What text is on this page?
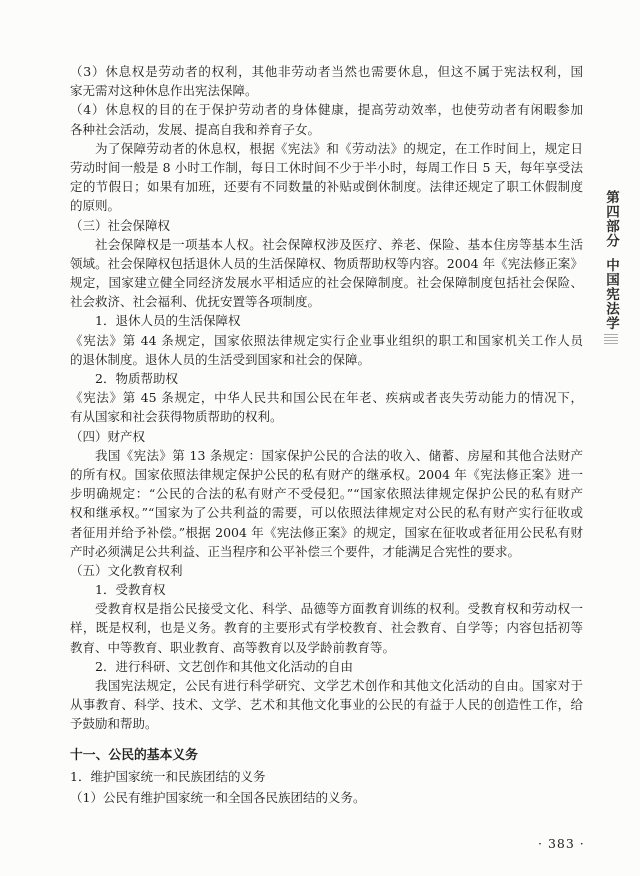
（3）休息权是劳动者的权利，其他非劳动者当然也需要休息，但这不属于宪法权利，国
家无需对这种休息作出宪法保障。
（4）休息权的目的在于保护劳动者的身体健康，提高劳动效率，也使劳动者有闲暇参加
各种社会活动，发展、提高自我和养育子女。
为了保障劳动者的休息权，根据《宪法》和《劳动法》的规定，在工作时间上，规定日
劳动时间一般是 8 小时工作制，每日工休时间不少于半小时，每周工作日 5 天，每年享受法
定的节假日；如果有加班，还要有不同数量的补贴或倒休制度。法律还规定了职工休假制度
的原则。
（三）社会保障权
社会保障权是一项基本人权。社会保障权涉及医疗、养老、保险、基本住房等基本生活
领域。社会保障权包括退休人员的生活保障权、物质帮助权等内容。2004 年《宪法修正案》
规定，国家建立健全同经济发展水平相适应的社会保障制度。社会保障制度包括社会保险、
社会救济、社会福利、优抚安置等各项制度。
1．退休人员的生活保障权
《宪法》第 44 条规定，国家依照法律规定实行企业事业组织的职工和国家机关工作人员
的退休制度。退休人员的生活受到国家和社会的保障。
2．物质帮助权
《宪法》第 45 条规定，中华人民共和国公民在年老、疾病或者丧失劳动能力的情况下，
有从国家和社会获得物质帮助的权利。
（四）财产权
我国《宪法》第 13 条规定：国家保护公民的合法的收入、储蓄、房屋和其他合法财产
的所有权。国家依照法律规定保护公民的私有财产的继承权。2004 年《宪法修正案》进一
步明确规定：“公民的合法的私有财产不受侵犯。”“国家依照法律规定保护公民的私有财产
权和继承权。”“国家为了公共利益的需要，可以依照法律规定对公民的私有财产实行征收或
者征用并给予补偿。”根据 2004 年《宪法修正案》的规定，国家在征收或者征用公民私有财
产时必须满足公共利益、正当程序和公平补偿三个要件，才能满足合宪性的要求。
（五）文化教育权利
1．受教育权
受教育权是指公民接受文化、科学、品德等方面教育训练的权利。受教育权和劳动权一
样，既是权利，也是义务。教育的主要形式有学校教育、社会教育、自学等；内容包括初等
教育、中等教育、职业教育、高等教育以及学龄前教育等。
2．进行科研、文艺创作和其他文化活动的自由
我国宪法规定，公民有进行科学研究、文学艺术创作和其他文化活动的自由。国家对于
从事教育、科学、技术、文学、艺术和其他文化事业的公民的有益于人民的创造性工作，给
予鼓励和帮助。
十一、公民的基本义务
1．维护国家统一和民族团结的义务
（1）公民有维护国家统一和全国各民族团结的义务。
第四部分中国宪法学
· 383 ·
